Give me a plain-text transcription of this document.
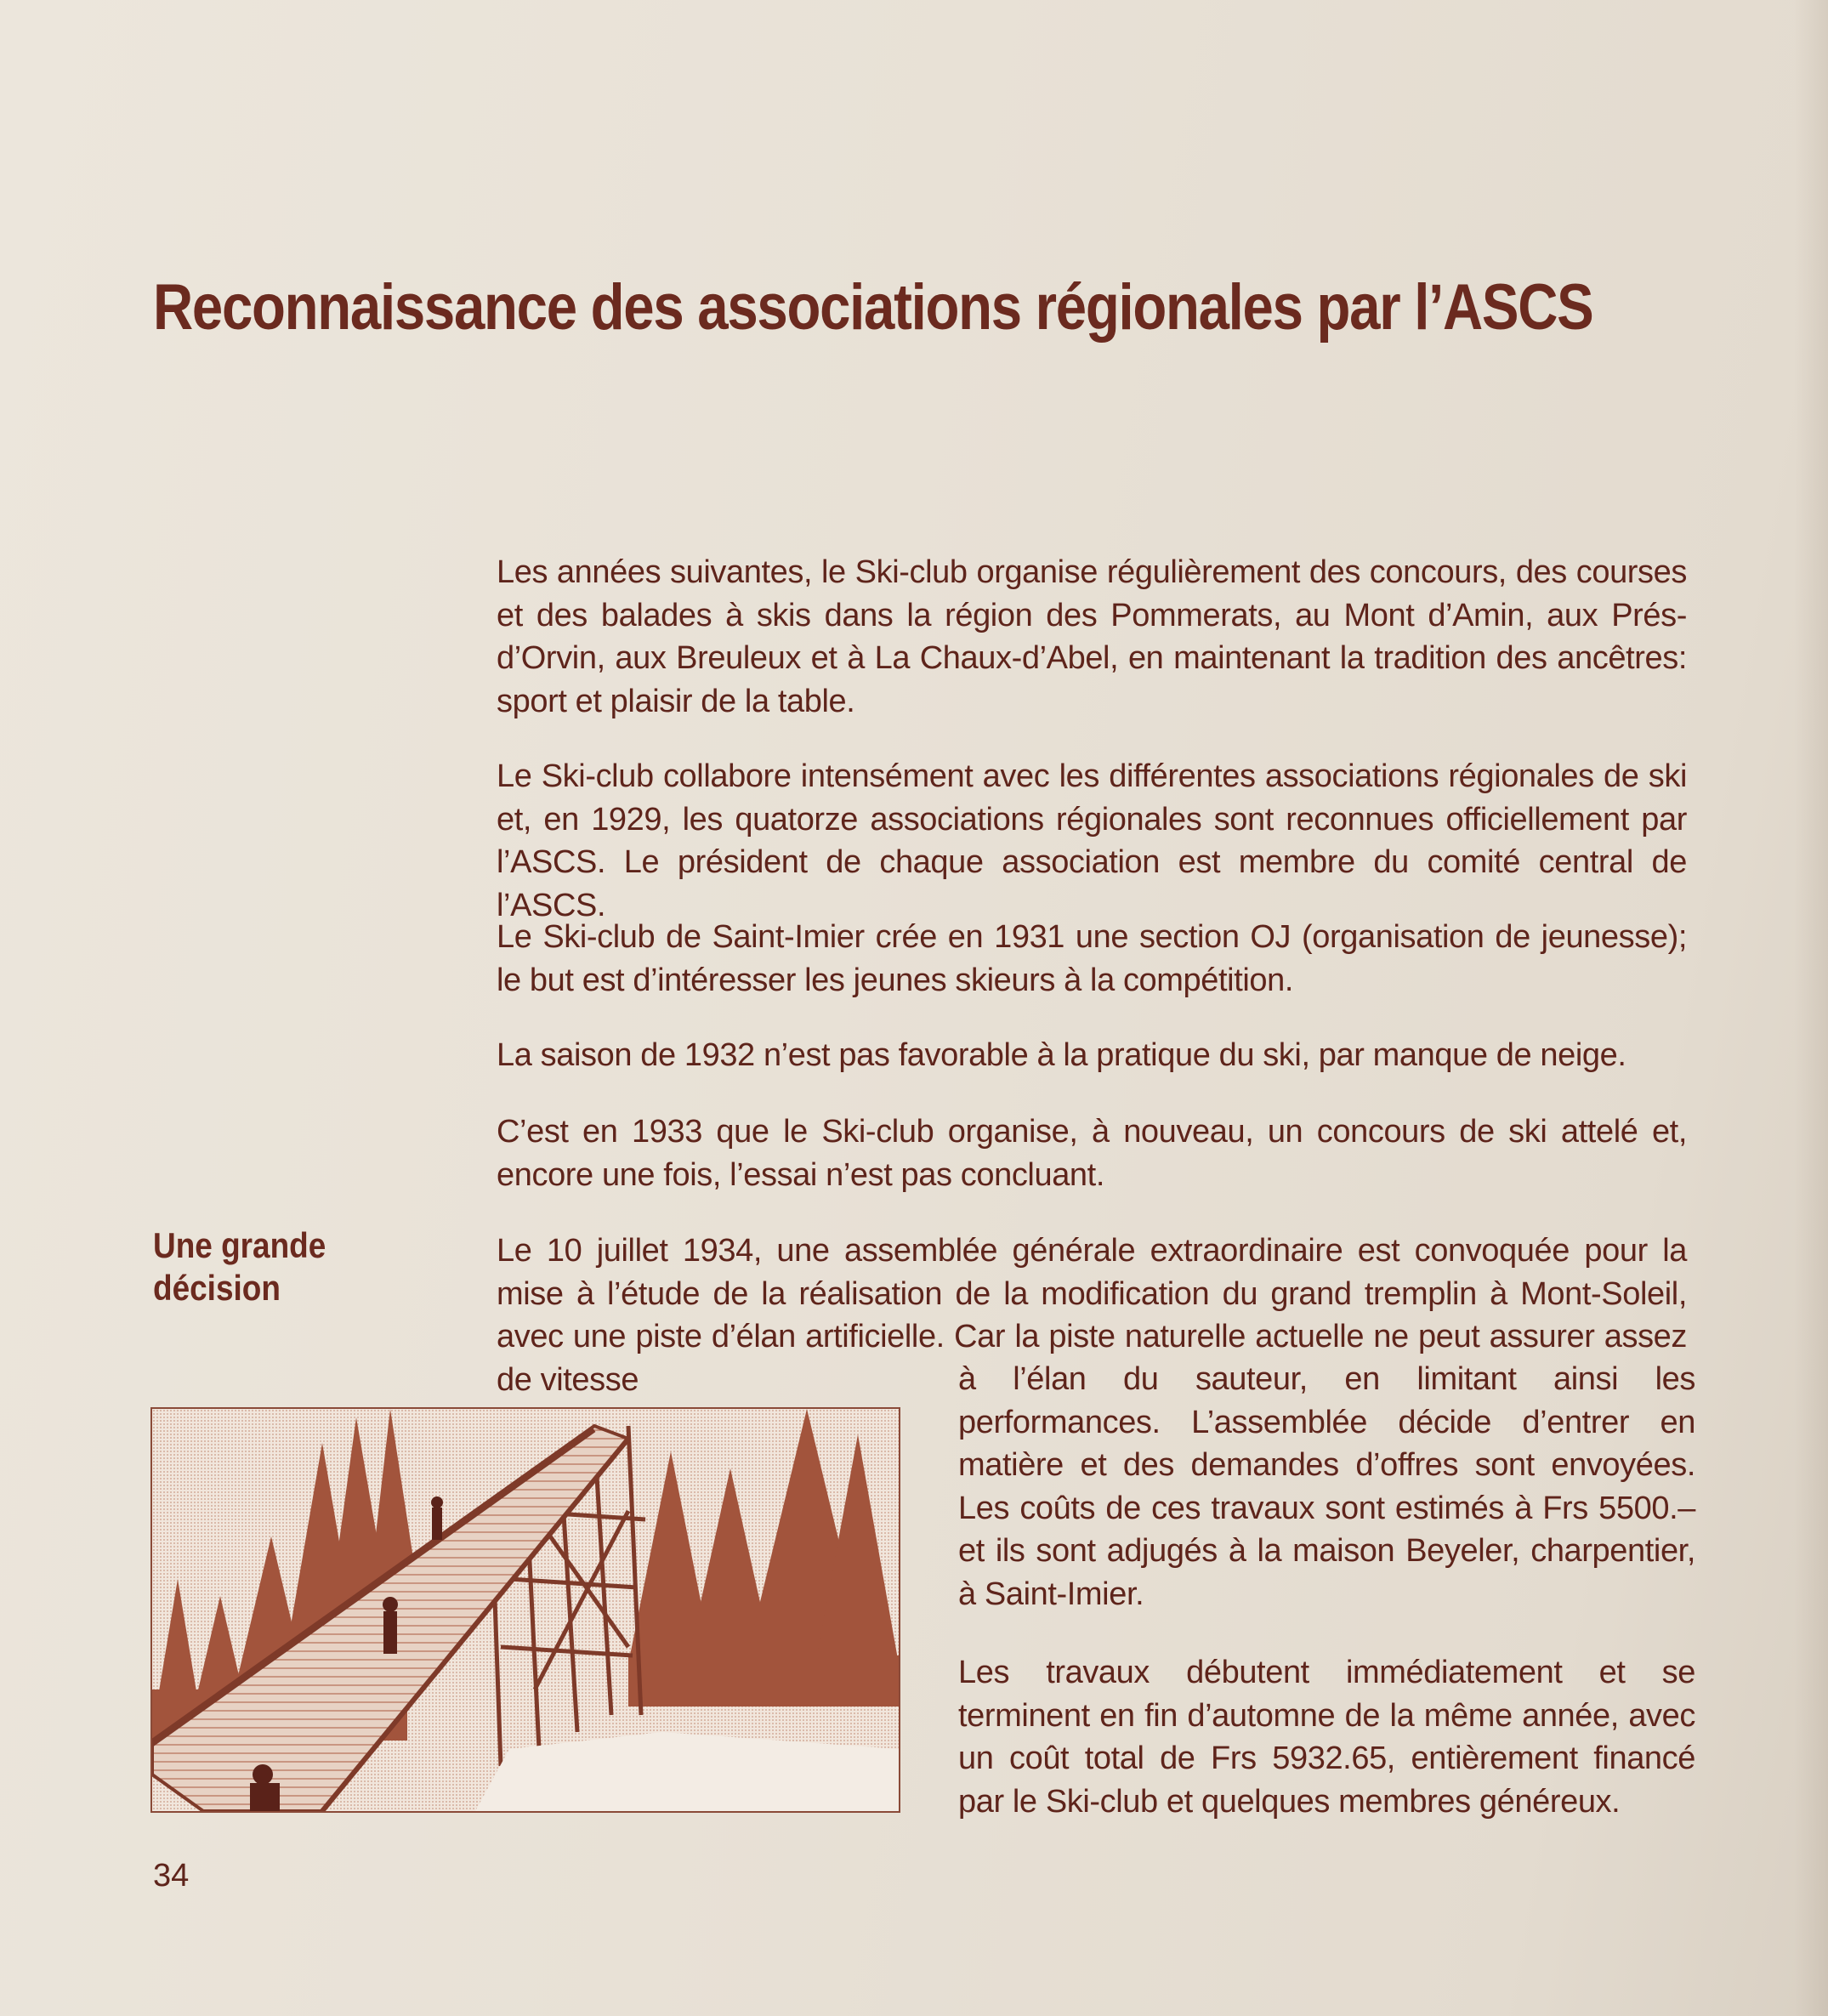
Reconnaissance des associations régionales par l’ASCS

Les années suivantes, le Ski-club organise régulièrement des concours, des courses et des balades à skis dans la région des Pommerats, au Mont d’Amin, aux Prés-d’Orvin, aux Breuleux et à La Chaux-d’Abel, en maintenant la tradition des ancêtres: sport et plaisir de la table.

Le Ski-club collabore intensément avec les différentes associations régionales de ski et, en 1929, les quatorze associations régionales sont reconnues officiellement par l’ASCS. Le président de chaque association est membre du comité central de l’ASCS.

Le Ski-club de Saint-Imier crée en 1931 une section OJ (organisation de jeunesse); le but est d’intéresser les jeunes skieurs à la compétition.

La saison de 1932 n’est pas favorable à la pratique du ski, par manque de neige.

C’est en 1933 que le Ski-club organise, à nouveau, un concours de ski attelé et, encore une fois, l’essai n’est pas concluant.

Une grande décision

Le 10 juillet 1934, une assemblée générale extraordinaire est convoquée pour la mise à l’étude de la réalisation de la modification du grand tremplin à Mont-Soleil, avec une piste d’élan artificielle. Car la piste naturelle actuelle ne peut assurer assez de vitesse	à l’élan du sauteur, en limitant ainsi les performances. L’assemblée décide d’entrer en matière et des demandes d’offres sont envoyées. Les coûts de ces travaux sont estimés à Frs 5500.– et ils sont adjugés à la maison Beyeler, charpentier, à Saint-Imier.

Les travaux débutent immédiatement et se terminent en fin d’automne de la même année, avec un coût total de Frs 5932.65, entièrement financé par le Ski-club et quelques membres généreux.

34
